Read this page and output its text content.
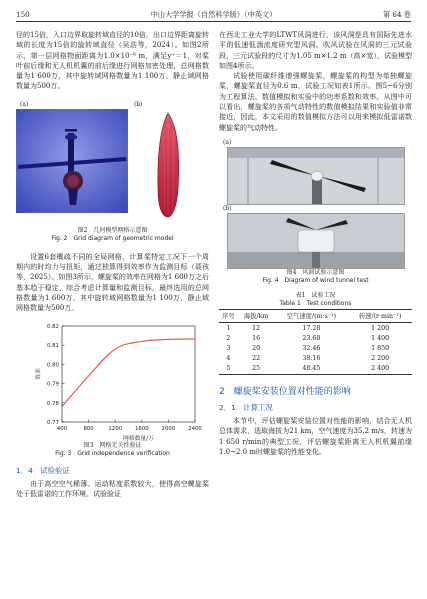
150	中山大学学报（自然科学版）（中英文）	第 64 卷

径的15倍，入口边界取旋转域直径的10倍，出口边界距离旋转域的长度为15倍的旋转域直径（吴浩等，2024）。如图2所示，第一层网格物面距离为1.0×10⁻⁶ m，满足y⁺＝1，对桨叶前后缘和无人机机翼的前后缘进行网格加密处理，总网格数量为1 600万，其中旋转域网格数量为1 100万，静止域网格数量为500万。

(a)	(b)
图2　几何模型网格示意图
Fig. 2　Grid diagram of geometric model

设置6套概疏不同的全局网格，计算桨特定工况下一个周期内的时均力与扭矩，通过独算得到效率作为监测目标（聂孩等，2025）。如图3所示，螺旋桨的效率在网格为1 600万之后基本趋于稳定，综合考虑计算量和监测目标，最终选用的总网格数量为1 600万，其中旋转域网格数量为1 100万，静止域网格数量为500万。

400	800	1200 1600 2000 2400
0.77
0.78
0.79
0.80
0.81
0.82
效率
网格数量/万
图3　网格无关性验证
Fig. 3　Grid independence verification
1．4　试验验证

由于高空空气稀薄、运动粘度系数较大，使得高空螺旋桨处于低雷诺的工作环境。试验验证

在西北工业大学的LTWT风洞进行，该风洞是具有国际先进水平的低速低湍流度研究型风洞。吹风试验在风洞的三元试验段，三元试验段的尺寸为1.05 m×1.2 m（高×宽），试验模型如图4所示。

试验使用碳纤维增强螺旋桨，螺旋桨的构型为单独螺旋桨，螺旋桨直径为0.6 m，试验工况如表1所示。图5~6分别为工程算法、数值模拟和实验中的功率系数和效率。从图中可以看出，螺旋桨的各项气动特性的数值模拟结果和实验值非常接近，因此，本文采用的数值模拟方法可以用来模拟低雷诺数螺旋桨的气动特性。

(a)
(b)
图4　风洞试验示意图
Fig. 4　Diagram of wind tunnel test
表1　试验工况
Table 1　Test conditions
序号	海拔/km	空气速度/(m·s⁻¹)	转速/(r·min⁻¹)
1	12	17.28	1 200
2	16	23.68	1 400
3	20	32.46	1 850
4	22	38.16	2 200
5	25	48.45	2 400
2　螺旋桨安装位置对性能的影响
2．1　计算工况

本节中，评估螺旋桨安装位置对性能的影响，结合无人机总体需求，选取海拔为21 km，空气速度为35.2 m/s，转速为1 650 r/min的典型工况，评估螺旋桨距离无人机机翼前缘1.0~2.0 m时螺旋桨的性能变化。
